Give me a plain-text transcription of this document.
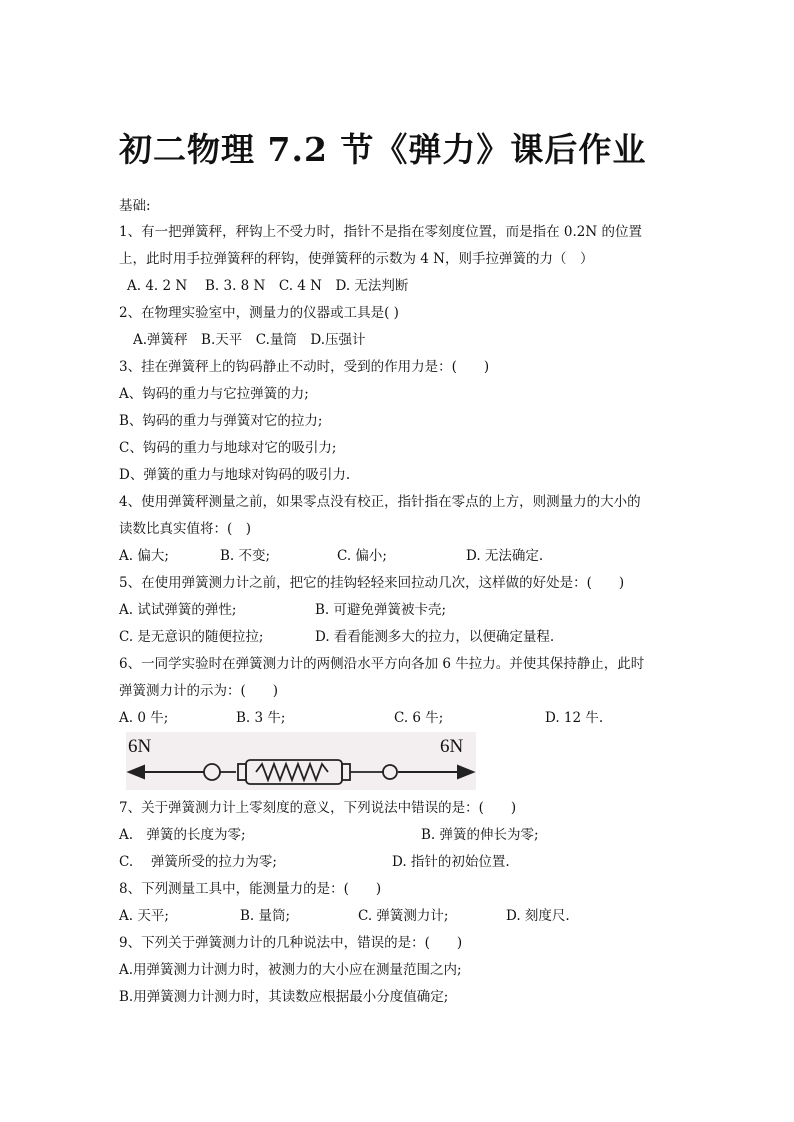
初二物理 7.2 节《弹力》课后作业
基础:
1、有一把弹簧秤，秤钩上不受力时，指针不是指在零刻度位置，而是指在 0.2N 的位置
上，此时用手拉弹簧秤的秤钩，使弹簧秤的示数为 4 N，则手拉弹簧的力（　）
A. 4. 2 N　 B. 3. 8 N　C. 4 N　D. 无法判断
2、在物理实验室中，测量力的仪器或工具是( )
A.弹簧秤　B.天平　C.量筒　D.压强计
3、挂在弹簧秤上的钩码静止不动时，受到的作用力是：(　　)
A、钩码的重力与它拉弹簧的力;
B、钩码的重力与弹簧对它的拉力;
C、钩码的重力与地球对它的吸引力;
D、弹簧的重力与地球对钩码的吸引力.
4、使用弹簧秤测量之前，如果零点没有校正，指针指在零点的上方，则测量力的大小的
读数比真实值将：(　)
A. 偏大;	B. 不变;	C. 偏小;	D. 无法确定.
5、在使用弹簧测力计之前，把它的挂钩轻轻来回拉动几次，这样做的好处是：(　　)
A. 试试弹簧的弹性;	B. 可避免弹簧被卡壳;
C. 是无意识的随便拉拉;	D. 看看能测多大的拉力，以便确定量程.
6、一同学实验时在弹簧测力计的两侧沿水平方向各加 6 牛拉力。并使其保持静止，此时
弹簧测力计的示为：(　　)
A. 0 牛;	B. 3 牛;	C. 6 牛;	D. 12 牛.
6N	6N
7、关于弹簧测力计上零刻度的意义，下列说法中错误的是：(　　)
A.　弹簧的长度为零;	B. 弹簧的伸长为零;
C.　 弹簧所受的拉力为零;	D. 指针的初始位置.
8、下列测量工具中，能测量力的是：(　　)
A. 天平;	B. 量筒;	C. 弹簧测力计;	D. 刻度尺.
9、下列关于弹簧测力计的几种说法中，错误的是：(　　)
A.用弹簧测力计测力时，被测力的大小应在测量范围之内;
B.用弹簧测力计测力时，其读数应根据最小分度值确定;
